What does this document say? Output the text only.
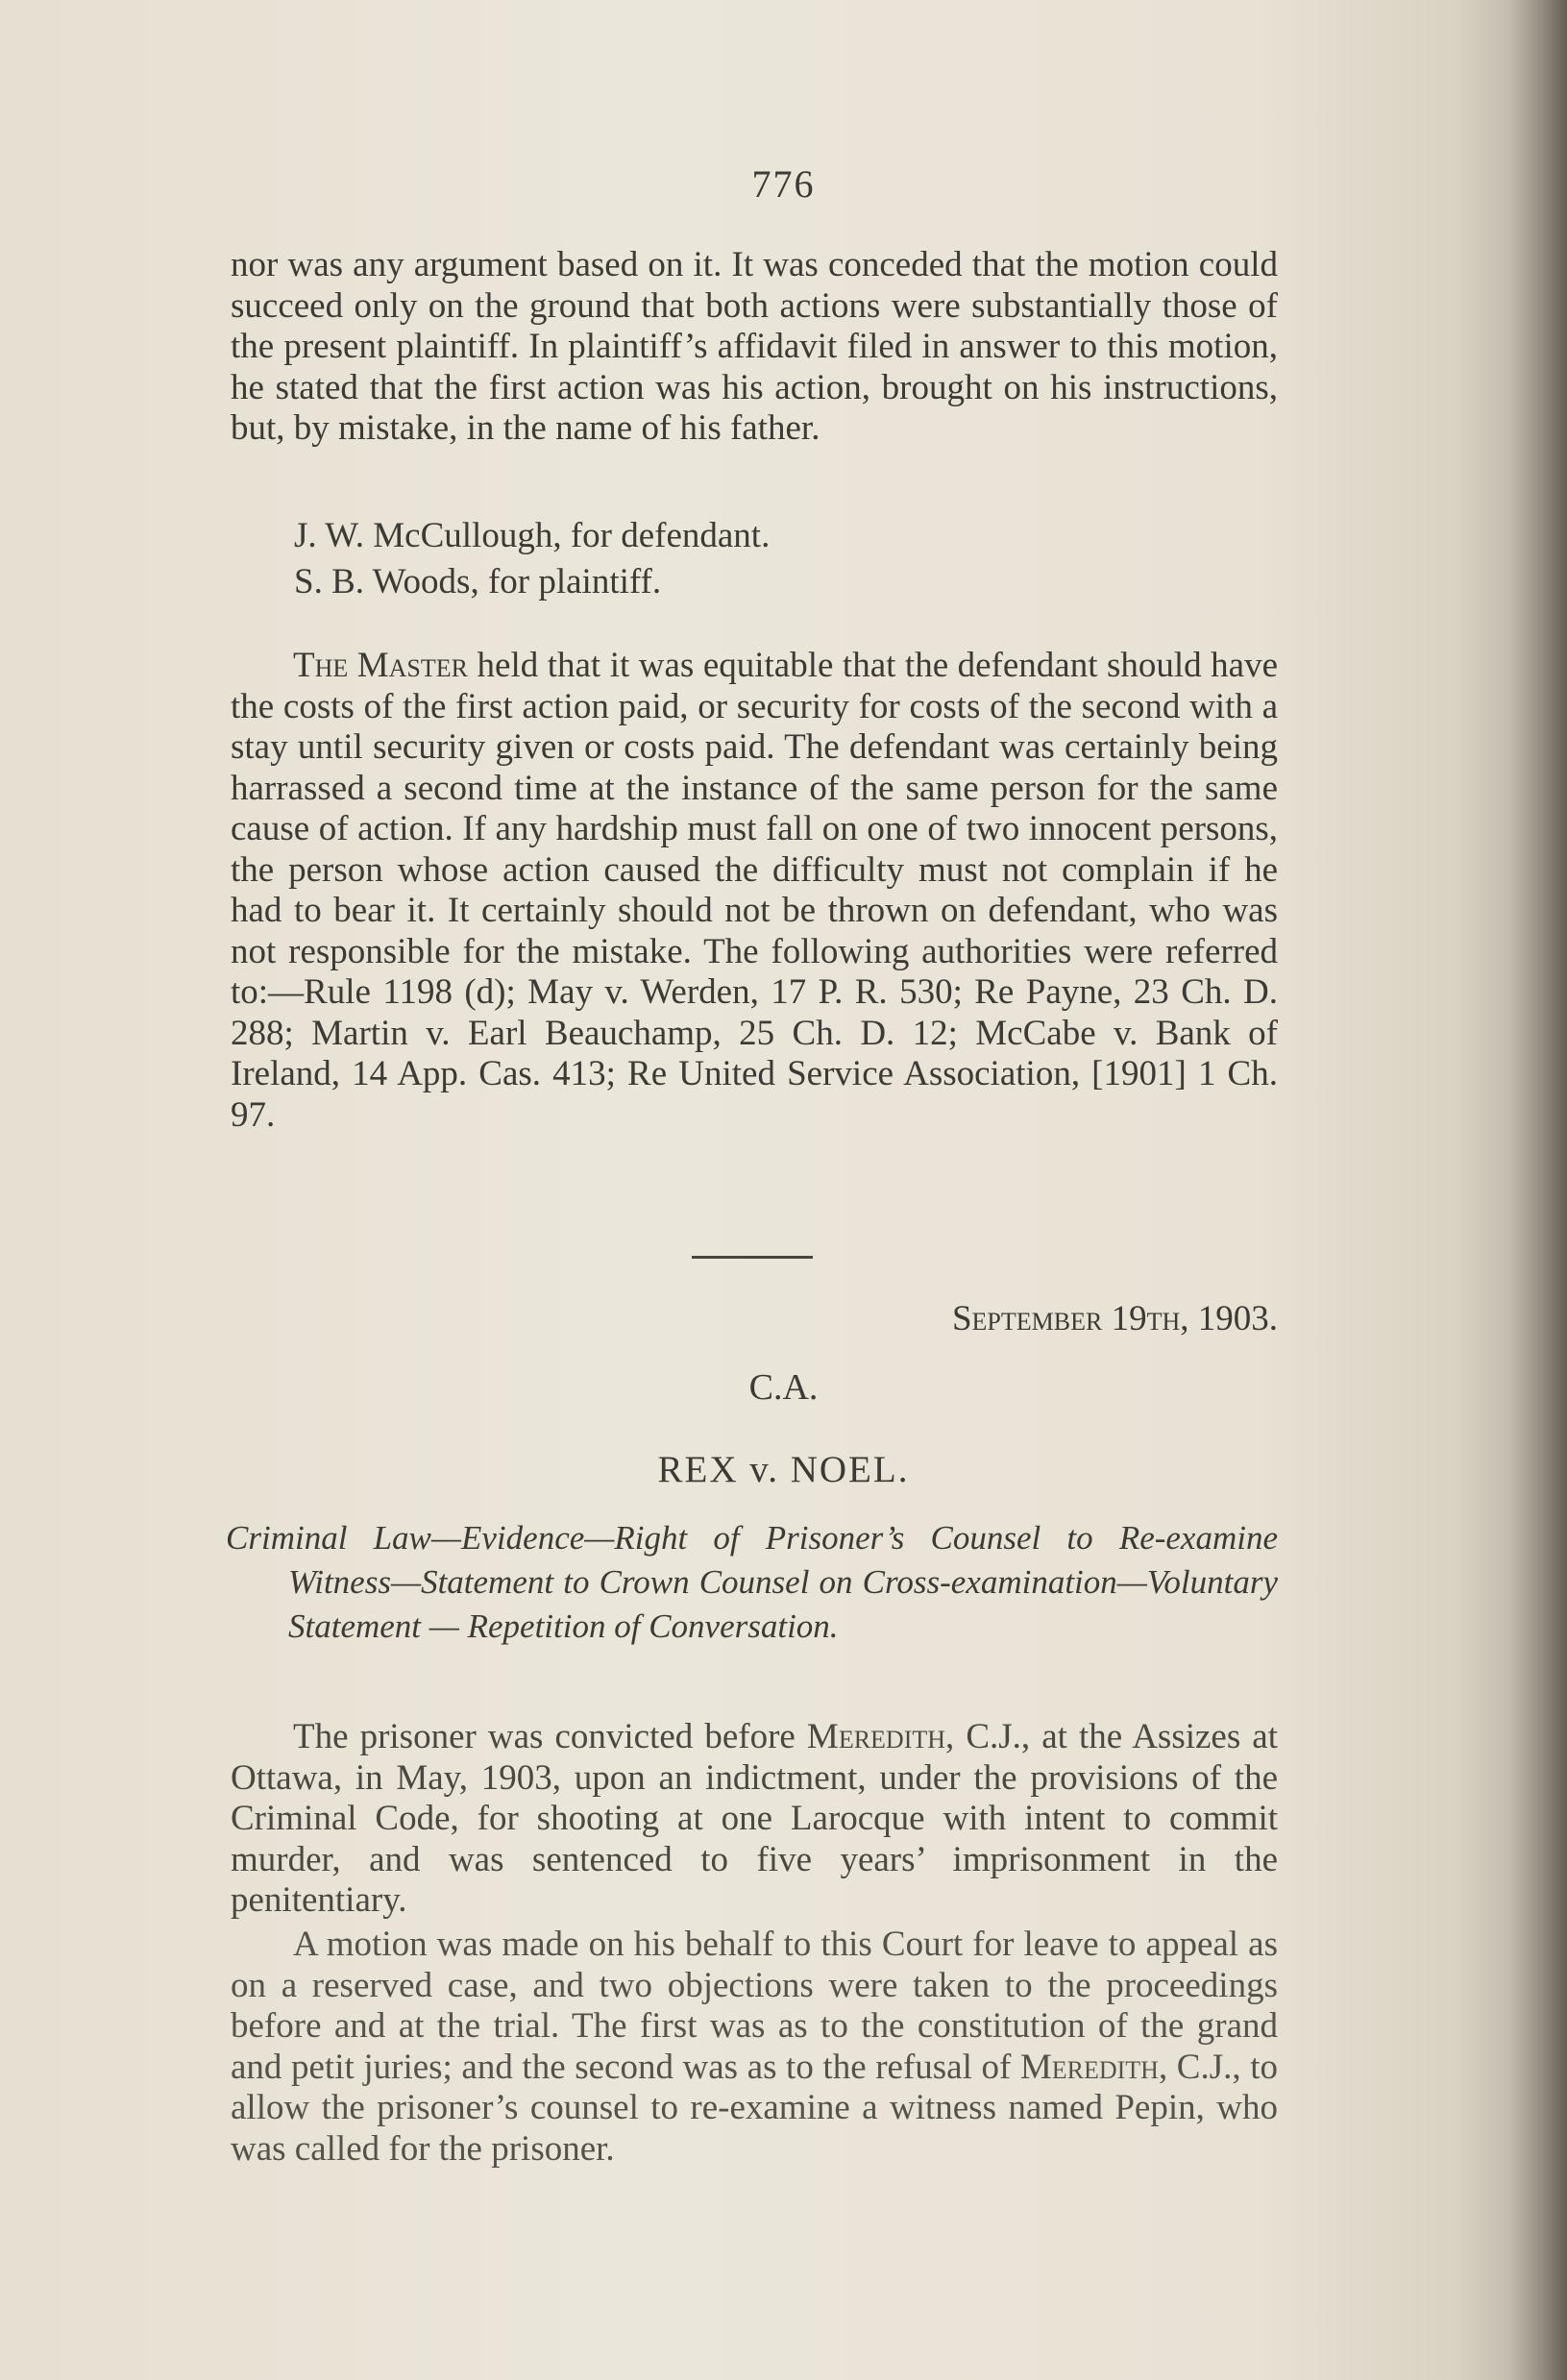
776

nor was any argument based on it. It was conceded that the motion could succeed only on the ground that both actions were substantially those of the present plaintiff. In plaintiff’s affidavit filed in answer to this motion, he stated that the first action was his action, brought on his instructions, but, by mistake, in the name of his father.

J. W. McCullough, for defendant.
S. B. Woods, for plaintiff.

The Master held that it was equitable that the defendant should have the costs of the first action paid, or security for costs of the second with a stay until security given or costs paid. The defendant was certainly being harrassed a second time at the instance of the same person for the same cause of action. If any hardship must fall on one of two innocent persons, the person whose action caused the difficulty must not complain if he had to bear it. It certainly should not be thrown on defendant, who was not responsible for the mistake. The following authorities were referred to:—Rule 1198 (d); May v. Werden, 17 P. R. 530; Re Payne, 23 Ch. D. 288; Martin v. Earl Beauchamp, 25 Ch. D. 12; McCabe v. Bank of Ireland, 14 App. Cas. 413; Re United Service Association, [1901] 1 Ch. 97.

September 19th, 1903.
C.A.
REX v. NOEL.
Criminal Law—Evidence—Right of Prisoner’s Counsel to Re-examine Witness—Statement to Crown Counsel on Cross-examination—Voluntary Statement — Repetition of Conversation.

The prisoner was convicted before Meredith, C.J., at the Assizes at Ottawa, in May, 1903, upon an indictment, under the provisions of the Criminal Code, for shooting at one Larocque with intent to commit murder, and was sentenced to five years’ imprisonment in the penitentiary.

A motion was made on his behalf to this Court for leave to appeal as on a reserved case, and two objections were taken to the proceedings before and at the trial. The first was as to the constitution of the grand and petit juries; and the second was as to the refusal of Meredith, C.J., to allow the prisoner’s counsel to re-examine a witness named Pepin, who was called for the prisoner.
